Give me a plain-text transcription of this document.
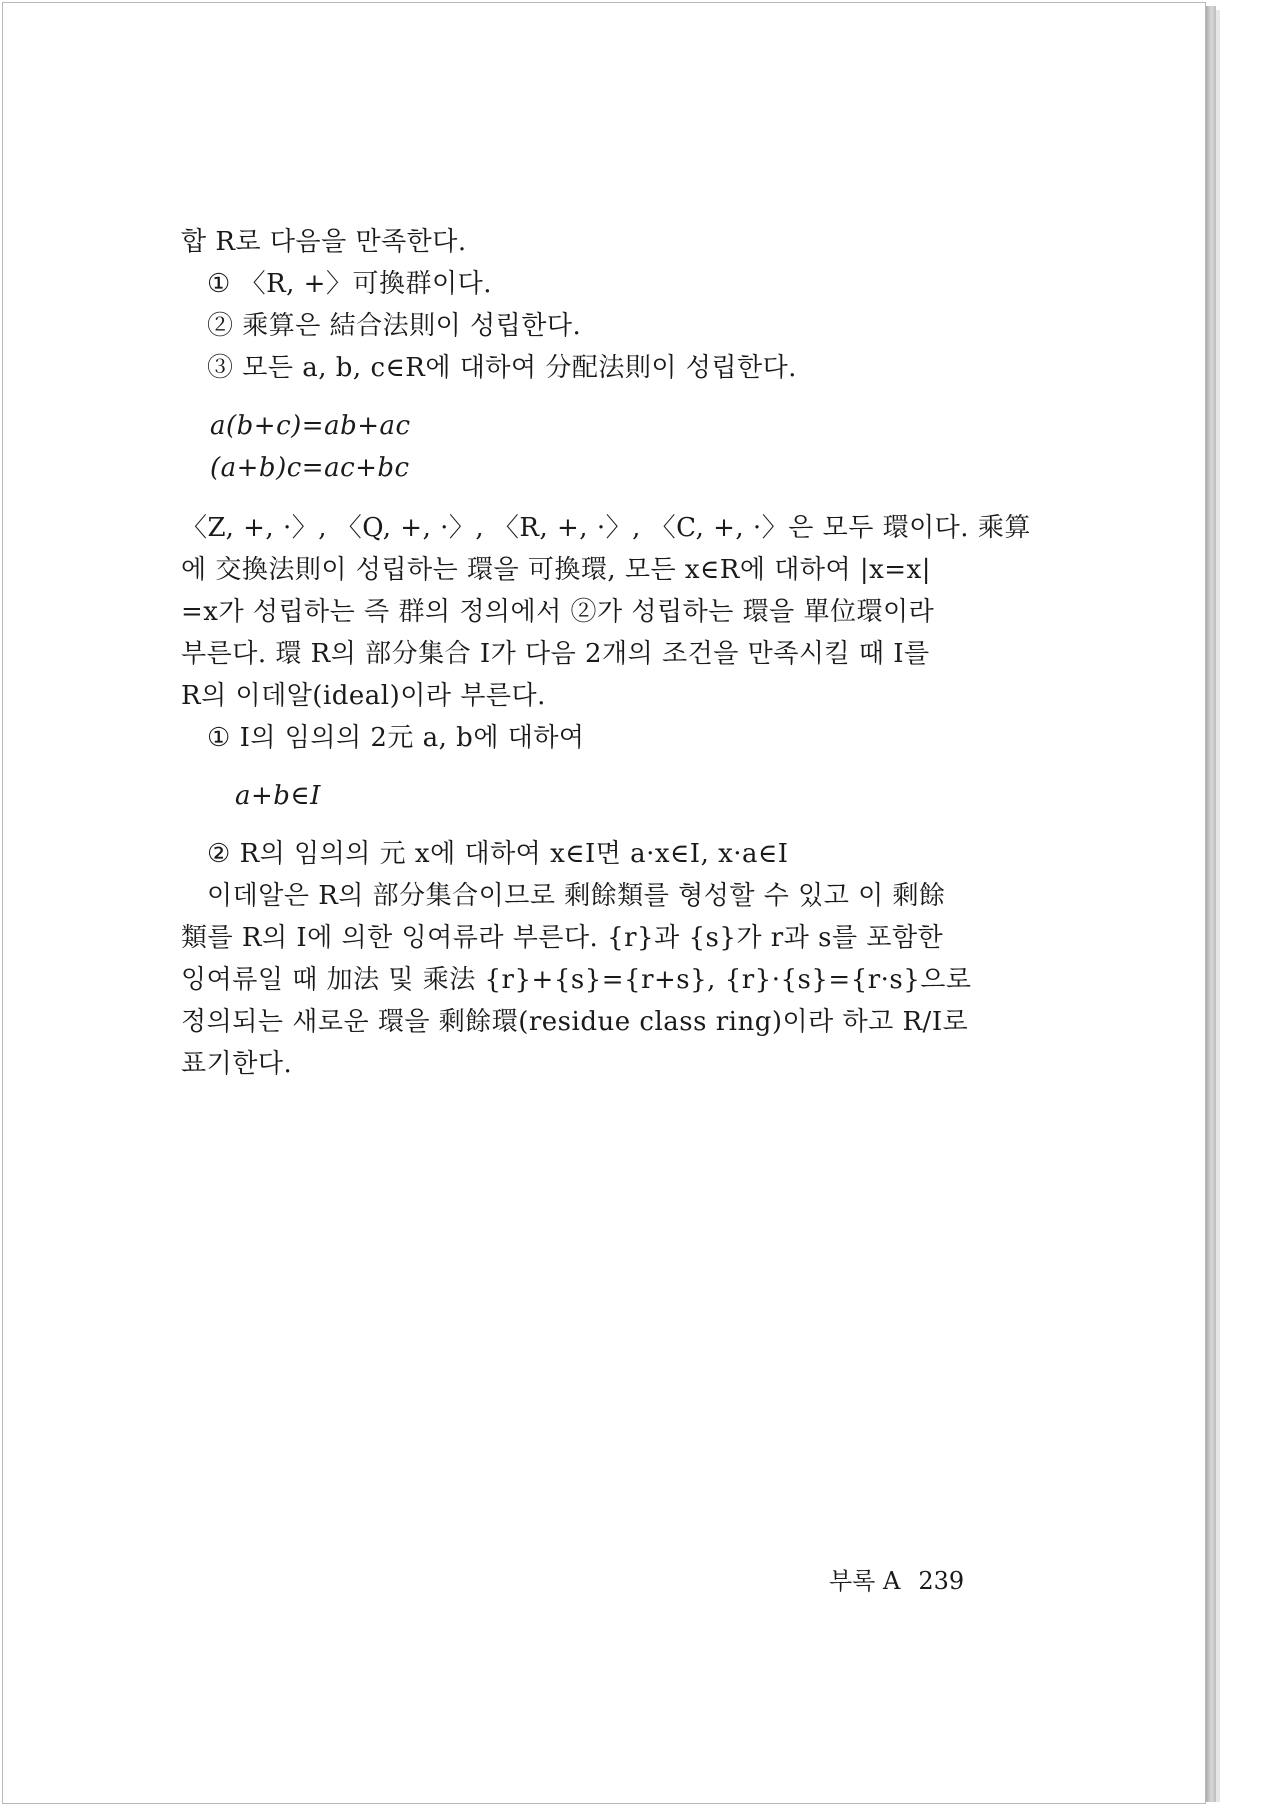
합 R로 다음을 만족한다.
① 〈R, +〉可換群이다.
② 乘算은 結合法則이 성립한다.
③ 모든 a, b, c∈R에 대하여 分配法則이 성립한다.
a(b+c)=ab+ac
(a+b)c=ac+bc
〈Z, +, ·〉, 〈Q, +, ·〉, 〈R, +, ·〉, 〈C, +, ·〉은 모두 環이다. 乘算
에 交換法則이 성립하는 環을 可換環, 모든 x∈R에 대하여 |x=x|
=x가 성립하는 즉 群의 정의에서 ②가 성립하는 環을 單位環이라
부른다. 環 R의 部分集合 I가 다음 2개의 조건을 만족시킬 때 I를
R의 이데알(ideal)이라 부른다.
① I의 임의의 2元 a, b에 대하여
a+b∈I
② R의 임의의 元 x에 대하여 x∈I면 a·x∈I, x·a∈I
이데알은 R의 部分集合이므로 剩餘類를 형성할 수 있고 이 剩餘
類를 R의 I에 의한 잉여류라 부른다. {r}과 {s}가 r과 s를 포함한
잉여류일 때 加法 및 乘法 {r}+{s}={r+s}, {r}·{s}={r·s}으로
정의되는 새로운 環을 剩餘環(residue class ring)이라 하고 R/I로
표기한다.
부록 A 239
